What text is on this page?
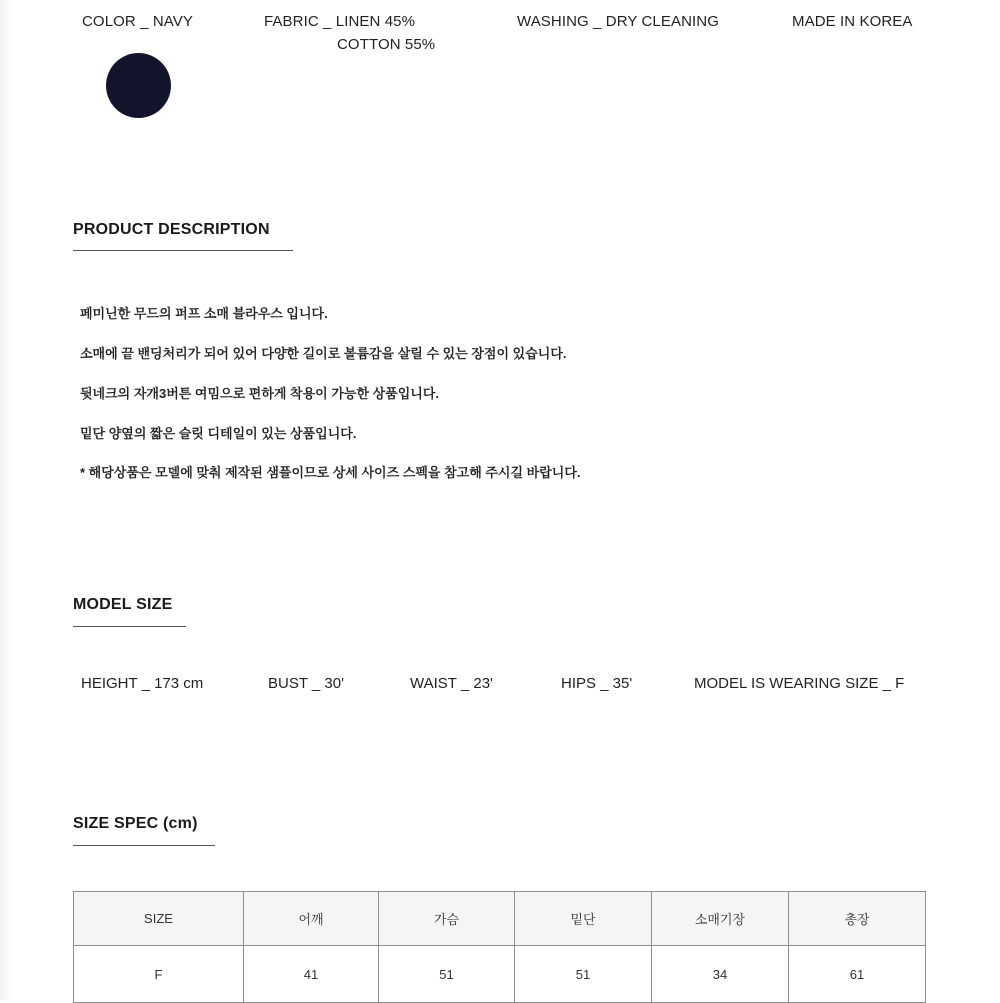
COLOR _ NAVY	FABRIC _ LINEN 45%
COTTON 55%
WASHING _ DRY CLEANING	MADE IN KOREA
PRODUCT DESCRIPTION
페미닌한 무드의 퍼프 소매 블라우스 입니다.
소매에 끝 밴딩처리가 되어 있어 다양한 길이로 볼륨감을 살릴 수 있는 장점이 있습니다.
뒷네크의 자개3버튼 여밈으로 편하게 착용이 가능한 상품입니다.
밑단 양옆의 짧은 슬릿 디테일이 있는 상품입니다.
* 해당상품은 모델에 맞춰 제작된 샘플이므로 상세 사이즈 스펙을 참고해 주시길 바랍니다.
MODEL SIZE
HEIGHT _ 173 cm	BUST _ 30'	WAIST _ 23'	HIPS _ 35'	MODEL IS WEARING SIZE _ F
SIZE SPEC (cm)
SIZE	어깨	가슴	밑단	소매기장	총장
F	41	51	51	34	61
